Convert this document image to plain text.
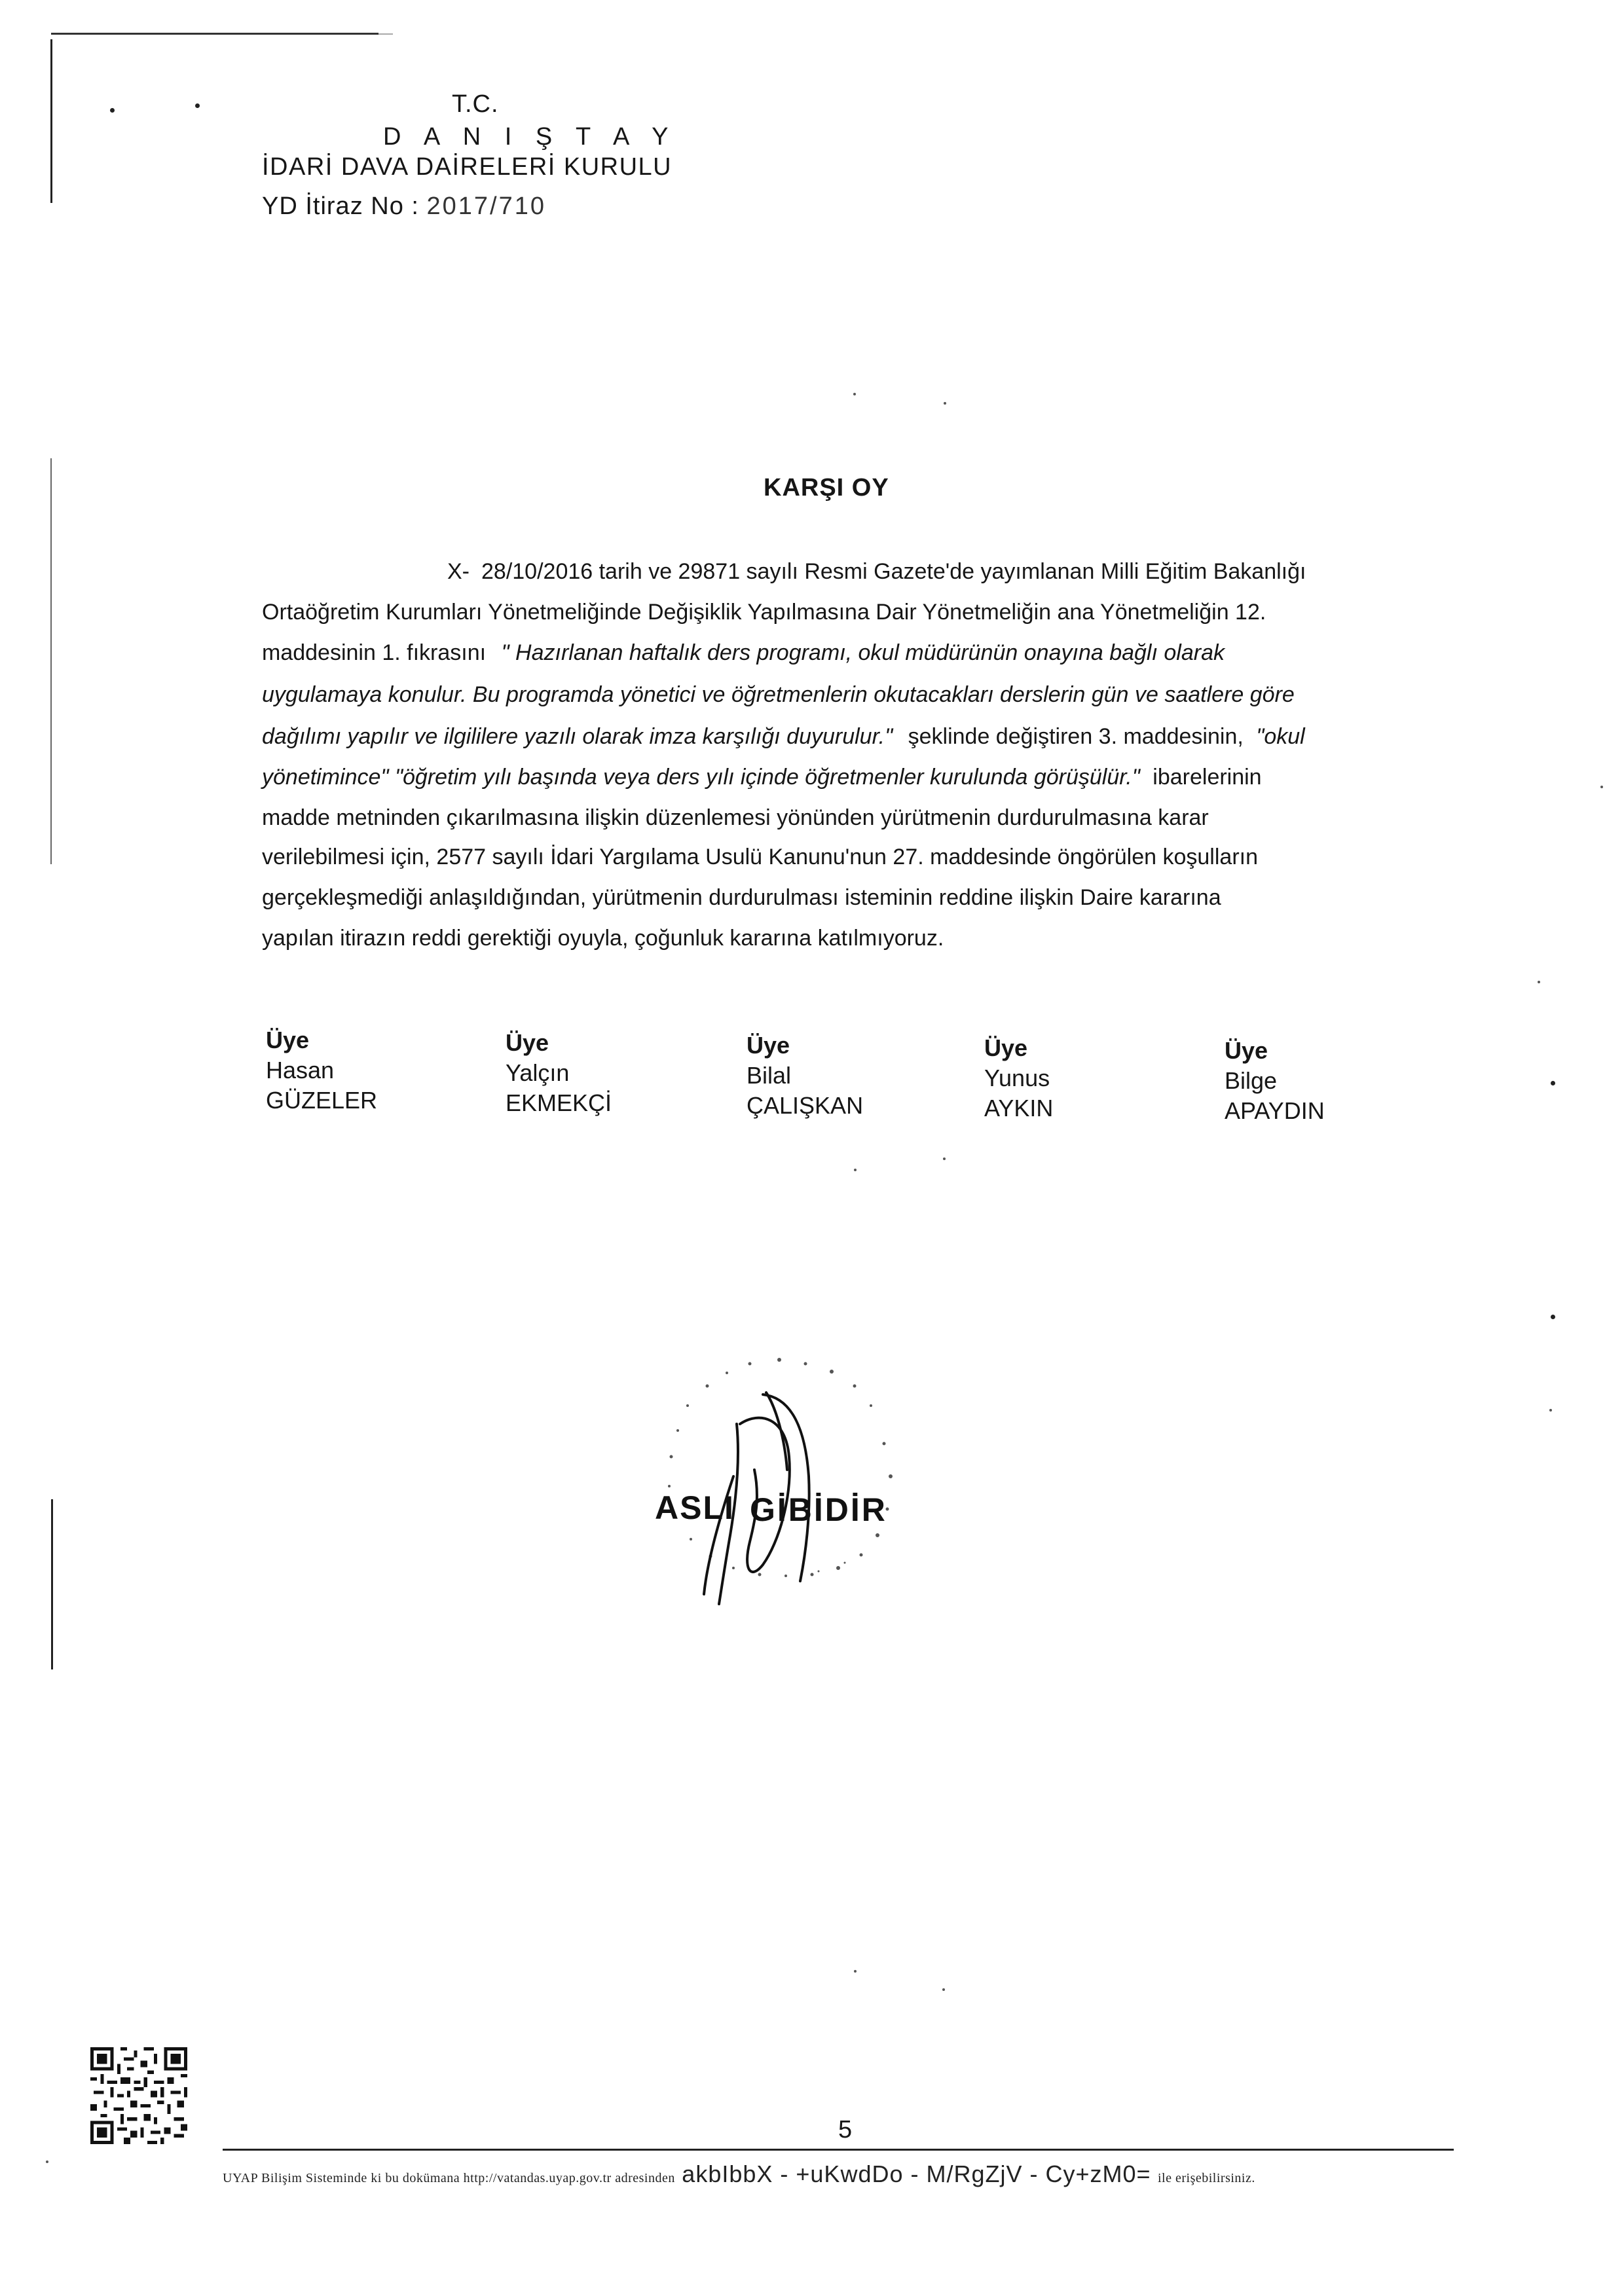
T.C.
D A N I Ş T A Y
İDARİ DAVA DAİRELERİ KURULU
YD İtiraz No : 2017/710
KARŞI OY
X- 28/10/2016 tarih ve 29871 sayılı Resmi Gazete'de yayımlanan Milli Eğitim Bakanlığı
Ortaöğretim Kurumları Yönetmeliğinde Değişiklik Yapılmasına Dair Yönetmeliğin ana Yönetmeliğin 12.
maddesinin 1. fıkrasını " Hazırlanan haftalık ders programı, okul müdürünün onayına bağlı olarak
uygulamaya konulur. Bu programda yönetici ve öğretmenlerin okutacakları derslerin gün ve saatlere göre
dağılımı yapılır ve ilgililere yazılı olarak imza karşılığı duyurulur." şeklinde değiştiren 3. maddesinin, "okul
yönetimince" "öğretim yılı başında veya ders yılı içinde öğretmenler kurulunda görüşülür." ibarelerinin
madde metninden çıkarılmasına ilişkin düzenlemesi yönünden yürütmenin durdurulmasına karar
verilebilmesi için, 2577 sayılı İdari Yargılama Usulü Kanunu'nun 27. maddesinde öngörülen koşulların
gerçekleşmediği anlaşıldığından, yürütmenin durdurulması isteminin reddine ilişkin Daire kararına
yapılan itirazın reddi gerektiği oyuyla, çoğunluk kararına katılmıyoruz.
Üye
Hasan
GÜZELER
Üye
Yalçın
EKMEKÇİ
Üye
Bilal
ÇALIŞKAN
Üye
Yunus
AYKIN
Üye
Bilge
APAYDIN
ASLI GİBİDİR
5
UYAP Bilişim Sisteminde ki bu dokümana http://vatandas.uyap.gov.tr adresinden akbIbbX - +uKwdDo - M/RgZjV - Cy+zM0= ile erişebilirsiniz.
